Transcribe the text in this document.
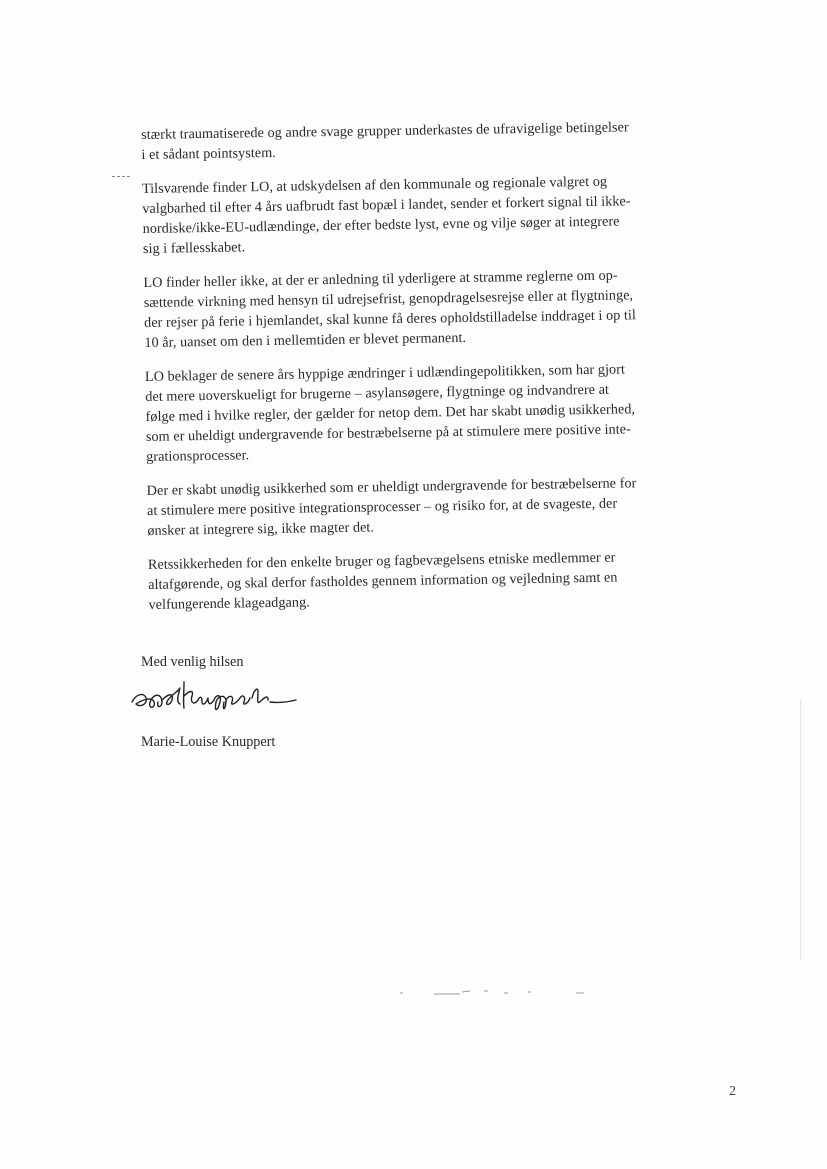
stærkt traumatiserede og andre svage grupper underkastes de ufravigelige betingelser
i et sådant pointsystem.

Tilsvarende finder LO, at udskydelsen af den kommunale og regionale valgret og
valgbarhed til efter 4 års uafbrudt fast bopæl i landet, sender et forkert signal til ikke-
nordiske/ikke-EU-udlændinge, der efter bedste lyst, evne og vilje søger at integrere
sig i fællesskabet.

LO finder heller ikke, at der er anledning til yderligere at stramme reglerne om op-
sættende virkning med hensyn til udrejsefrist, genopdragelsesrejse eller at flygtninge,
der rejser på ferie i hjemlandet, skal kunne få deres opholdstilladelse inddraget i op til
10 år, uanset om den i mellemtiden er blevet permanent.

LO beklager de senere års hyppige ændringer i udlændingepolitikken, som har gjort
det mere uoverskueligt for brugerne – asylansøgere, flygtninge og indvandrere at
følge med i hvilke regler, der gælder for netop dem. Det har skabt unødig usikkerhed,
som er uheldigt undergravende for bestræbelserne på at stimulere mere positive inte-
grationsprocesser.

Der er skabt unødig usikkerhed som er uheldigt undergravende for bestræbelserne for
at stimulere mere positive integrationsprocesser – og risiko for, at de svageste, der
ønsker at integrere sig, ikke magter det.

Retssikkerheden for den enkelte bruger og fagbevægelsens etniske medlemmer er
altafgørende, og skal derfor fastholdes gennem information og vejledning samt en
velfungerende klageadgang.

Med venlig hilsen
Marie-Louise Knuppert
2
